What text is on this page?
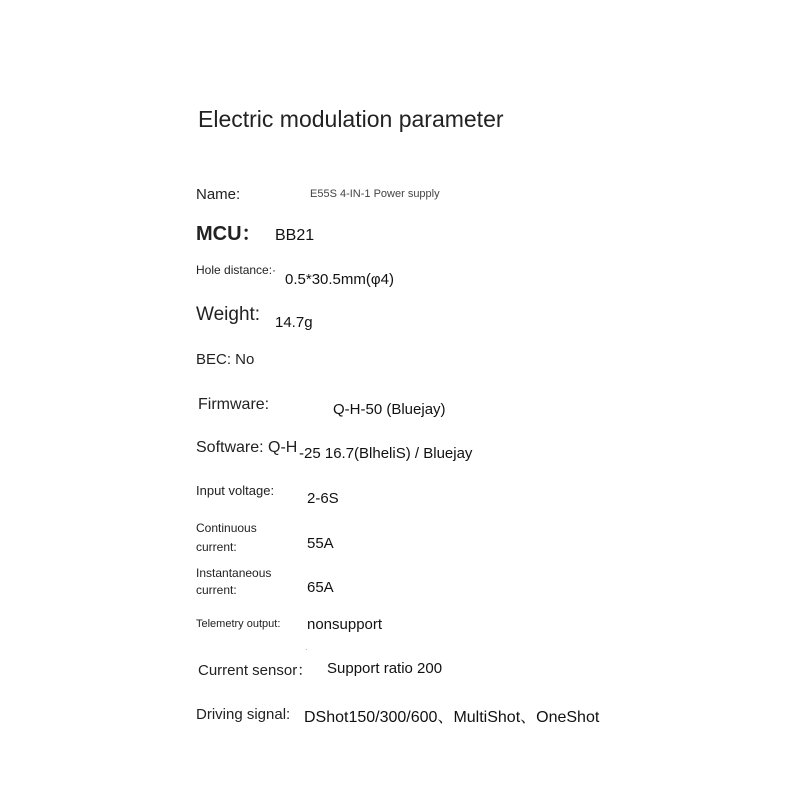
Electric modulation parameter
Name:	E55S 4-IN-1 Power supply
MCU： BB21
Hole distance:·
0.5*30.5mm(φ4)
Weight: 14.7g
BEC: No
Firmware:	Q-H-50 (Bluejay)
Software: Q-H -25 16.7(BlheliS) / Bluejay
Input voltage: 2-6S
Continuous
current:	55A
Instantaneous
current:	65A
Telemetry output: nonsupport
·
Current sensor： Support ratio 200
Driving signal: DShot150/300/600、MultiShot、OneShot
